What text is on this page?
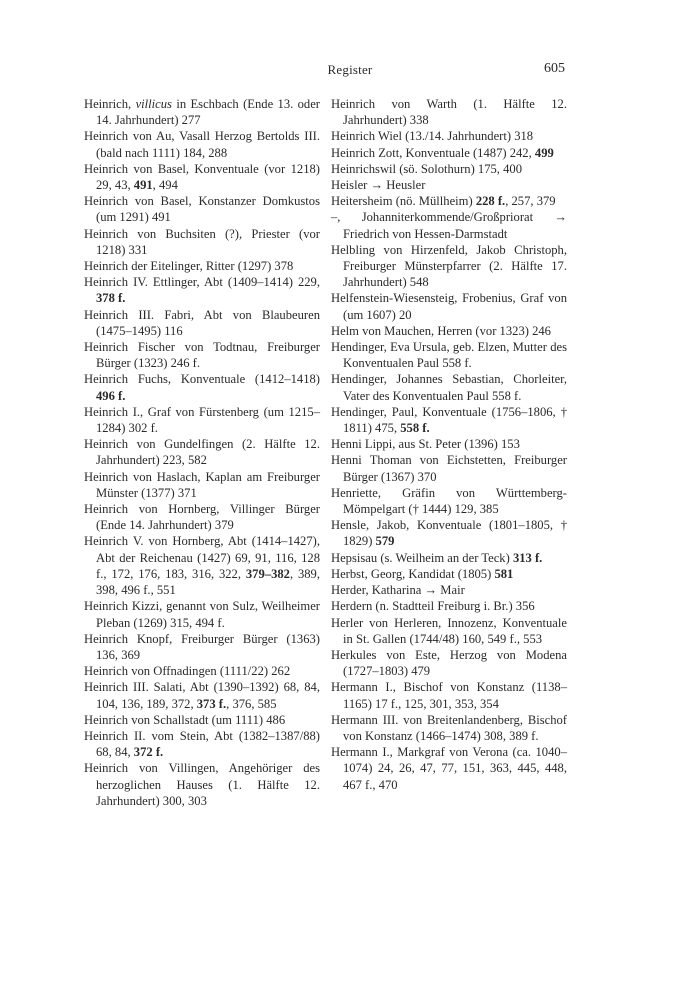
Register	605

Heinrich, villicus in Eschbach (Ende 13. oder 14. Jahrhundert) 277

Heinrich von Au, Vasall Herzog Bertolds III. (bald nach 1111) 184, 288

Heinrich von Basel, Konventuale (vor 1218) 29, 43, 491, 494

Heinrich von Basel, Konstanzer Domkustos (um 1291) 491

Heinrich von Buchsiten (?), Priester (vor 1218) 331

Heinrich der Eitelinger, Ritter (1297) 378

Heinrich IV. Ettlinger, Abt (1409–1414) 229, 378 f.

Heinrich III. Fabri, Abt von Blaubeuren (1475–1495) 116

Heinrich Fischer von Todtnau, Freiburger Bürger (1323) 246 f.

Heinrich Fuchs, Konventuale (1412–1418) 496 f.

Heinrich I., Graf von Fürstenberg (um 1215–1284) 302 f.

Heinrich von Gundelfingen (2. Hälfte 12. Jahrhundert) 223, 582

Heinrich von Haslach, Kaplan am Freiburger Münster (1377) 371

Heinrich von Hornberg, Villinger Bürger (Ende 14. Jahrhundert) 379

Heinrich V. von Hornberg, Abt (1414–1427), Abt der Reichenau (1427) 69, 91, 116, 128 f., 172, 176, 183, 316, 322, 379–382, 389, 398, 496 f., 551

Heinrich Kizzi, genannt von Sulz, Weilheimer Pleban (1269) 315, 494 f.

Heinrich Knopf, Freiburger Bürger (1363) 136, 369

Heinrich von Offnadingen (1111/22) 262

Heinrich III. Salati, Abt (1390–1392) 68, 84, 104, 136, 189, 372, 373 f., 376, 585

Heinrich von Schallstadt (um 1111) 486

Heinrich II. vom Stein, Abt (1382–1387/88) 68, 84, 372 f.

Heinrich von Villingen, Angehöriger des herzoglichen Hauses (1. Hälfte 12. Jahrhundert) 300, 303

Heinrich von Warth (1. Hälfte 12. Jahrhundert) 338

Heinrich Wiel (13./14. Jahrhundert) 318

Heinrich Zott, Konventuale (1487) 242, 499

Heinrichswil (sö. Solothurn) 175, 400

Heisler → Heusler

Heitersheim (nö. Müllheim) 228 f., 257, 379

–, Johanniterkommende/Großpriorat → Friedrich von Hessen-Darmstadt

Helbling von Hirzenfeld, Jakob Christoph, Freiburger Münsterpfarrer (2. Hälfte 17. Jahrhundert) 548

Helfenstein-Wiesensteig, Frobenius, Graf von (um 1607) 20

Helm von Mauchen, Herren (vor 1323) 246

Hendinger, Eva Ursula, geb. Elzen, Mutter des Konventualen Paul 558 f.

Hendinger, Johannes Sebastian, Chorleiter, Vater des Konventualen Paul 558 f.

Hendinger, Paul, Konventuale (1756–1806, † 1811) 475, 558 f.

Henni Lippi, aus St. Peter (1396) 153

Henni Thoman von Eichstetten, Freiburger Bürger (1367) 370

Henriette, Gräfin von Württemberg-Mömpelgart († 1444) 129, 385

Hensle, Jakob, Konventuale (1801–1805, † 1829) 579

Hepsisau (s. Weilheim an der Teck) 313 f.

Herbst, Georg, Kandidat (1805) 581

Herder, Katharina → Mair

Herdern (n. Stadtteil Freiburg i. Br.) 356

Herler von Herleren, Innozenz, Konventuale in St. Gallen (1744/48) 160, 549 f., 553

Herkules von Este, Herzog von Modena (1727–1803) 479

Hermann I., Bischof von Konstanz (1138–1165) 17 f., 125, 301, 353, 354

Hermann III. von Breitenlandenberg, Bischof von Konstanz (1466–1474) 308, 389 f.

Hermann I., Markgraf von Verona (ca. 1040–1074) 24, 26, 47, 77, 151, 363, 445, 448, 467 f., 470
